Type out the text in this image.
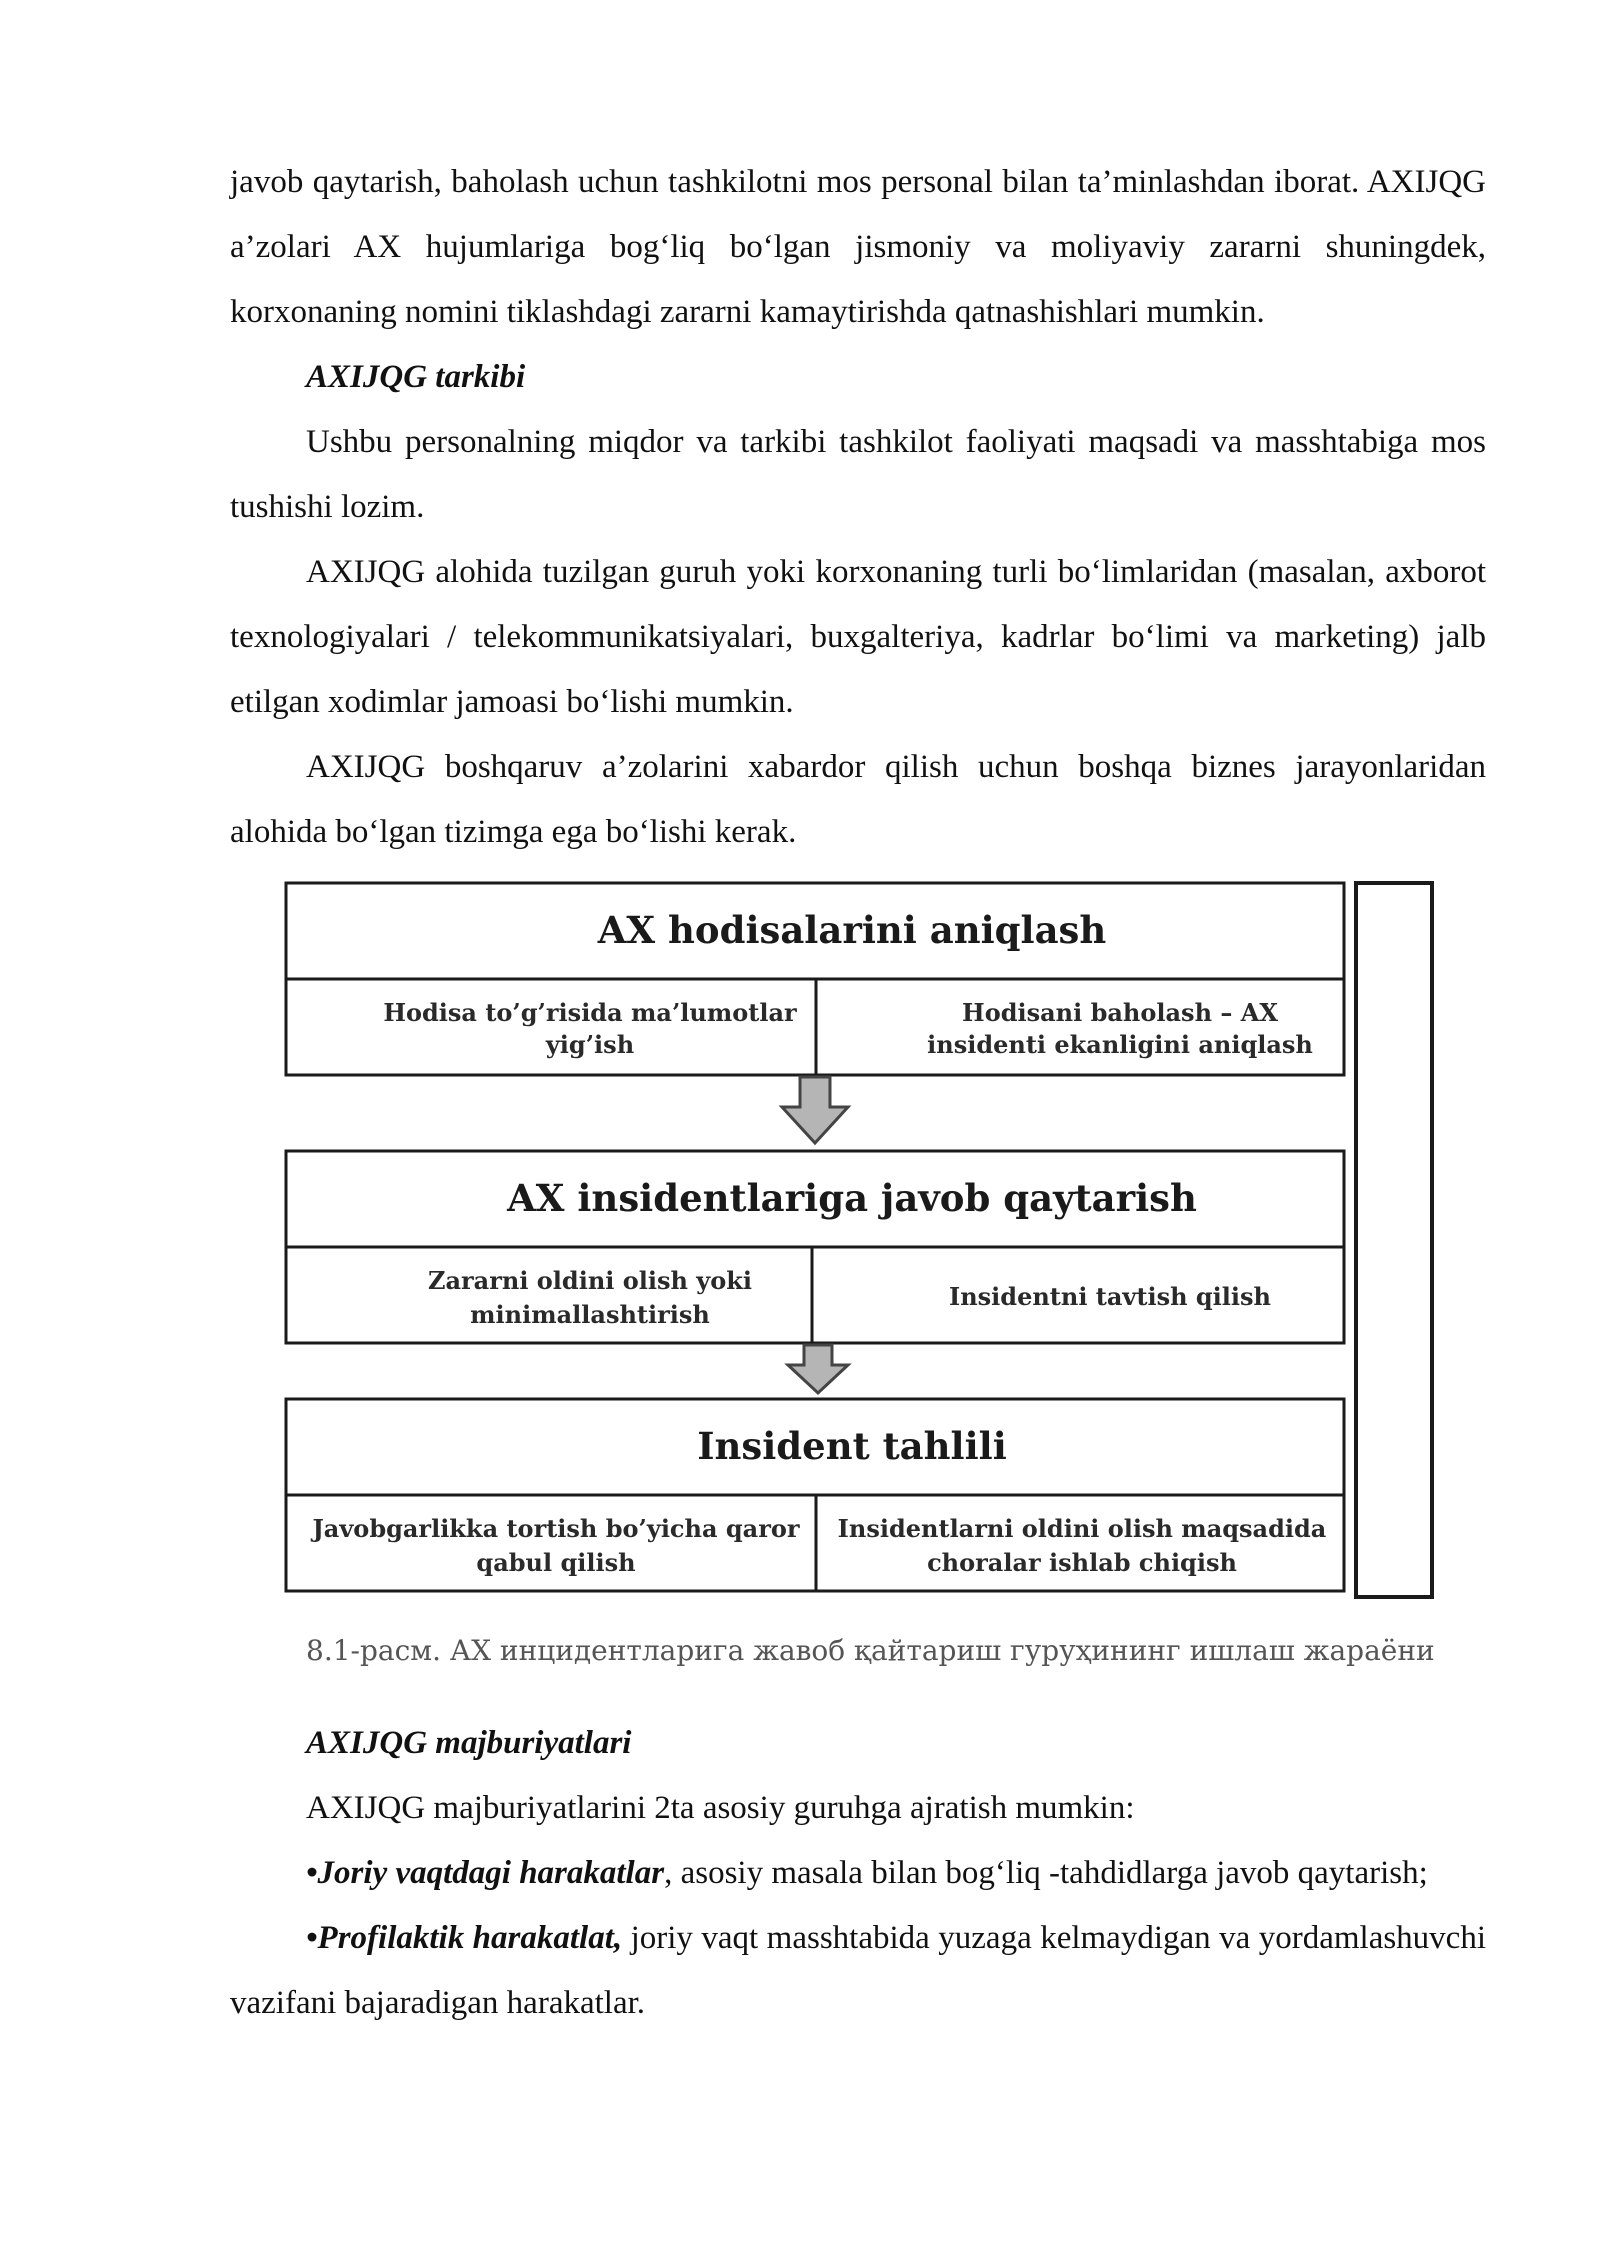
javob qaytarish, baholash uchun tashkilotni mos personal bilan ta’minlashdan iborat. AXIJQG a’zolari AX hujumlariga bog‘liq bo‘lgan jismoniy va moliyaviy zararni shuningdek, korxonaning nomini tiklashdagi zararni kamaytirishda qatnashishlari mumkin.

AXIJQG tarkibi

Ushbu personalning miqdor va tarkibi tashkilot faoliyati maqsadi va masshtabiga mos tushishi lozim.

AXIJQG alohida tuzilgan guruh yoki korxonaning turli bo‘limlaridan (masalan, axborot texnologiyalari / telekommunikatsiyalari, buxgalteriya, kadrlar bo‘limi va marketing) jalb etilgan xodimlar jamoasi bo‘lishi mumkin.

AXIJQG boshqaruv a’zolarini xabardor qilish uchun boshqa biznes jarayonlaridan alohida bo‘lgan tizimga ega bo‘lishi kerak.

AX hodisalarini aniqlash
Hodisa to’g’risida ma’lumotlar
yig’ish
Hodisani baholash – AX
insidenti ekanligini aniqlash
AX insidentlariga javob qaytarish
Zararni oldini olish yoki
minimallashtirish
Insidentni tavtish qilish
Insident tahlili
Javobgarlikka tortish bo’yicha qaror
qabul qilish
Insidentlarni oldini olish maqsadida
choralar ishlab chiqish
8.1-расм. АХ инцидентларига жавоб қайтариш гуруҳининг ишлаш жараёни

AXIJQG majburiyatlari

AXIJQG majburiyatlarini 2ta asosiy guruhga ajratish mumkin:

•Joriy vaqtdagi harakatlar, asosiy masala bilan bog‘liq -tahdidlarga javob qaytarish;

•Profilaktik harakatlat, joriy vaqt masshtabida yuzaga kelmaydigan va yordamlashuvchi vazifani bajaradigan harakatlar.
